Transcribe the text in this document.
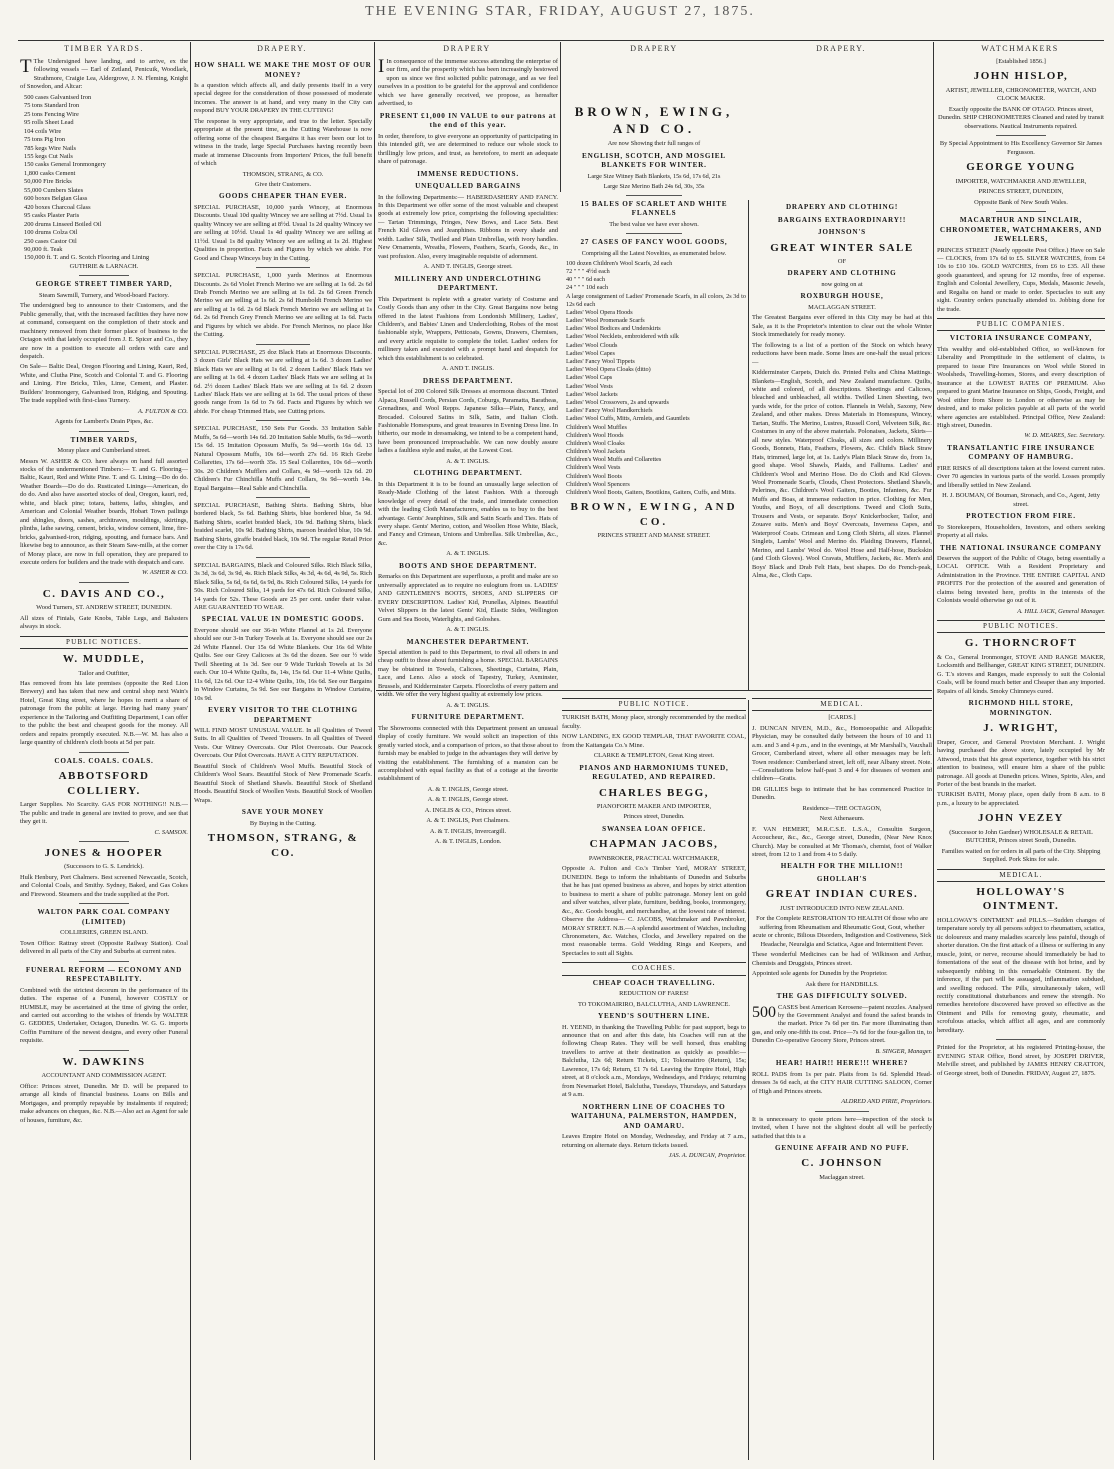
THE EVENING STAR, FRIDAY, AUGUST 27, 1875.
TIMBER YARDS.	DRAPERY.	DRAPERY	DRAPERY	DRAPERY.	WATCHMAKERS

T The Undersigned have landing, and to arrive, ex the following vessels — Earl of Zetland, Penicuik, Woodlark, Strathmore, Craigie Lea, Aldergrove, J. N. Fleming, Knight of Snowdon, and Altcar:

500 cases Galvanised Iron
75 tons Standard Iron
25 tons Fencing Wire
95 rolls Sheet Lead
104 coils Wire
75 tons Pig Iron
785 kegs Wire Nails
155 kegs Cut Nails
150 casks General Ironmongery
1,800 casks Cement
50,000 Fire Bricks
55,000 Cumbers Slates
600 boxes Belgian Glass
420 boxes Charcoal Glass
95 casks Plaster Paris
200 drums Linseed Boiled Oil
100 drums Colza Oil
250 cases Castor Oil
90,000 ft. Teak
150,000 ft. T. and G. Scotch Flooring and Lining

GUTHRIE & LARNACH.

GEORGE STREET TIMBER YARD,

Steam Sawmill, Turnery, and Wood-board Factory.

The undersigned beg to announce to their Customers, and the Public generally, that, with the increased facilities they have now at command, consequent on the completion of their stock and machinery removed from their former place of business to the Octagon with that lately occupied from J. E. Spicer and Co., they are now in a position to execute all orders with care and despatch.

On Sale— Baltic Deal, Oregon Flooring and Lining, Kauri, Red, White, and Clutha Pine, Scotch and Colonial T. and G. Flooring and Lining. Fire Bricks, Tiles, Lime, Cement, and Plaster. Builders' Ironmongery, Galvanised Iron, Ridging, and Spouting. The trade supplied with first-class Turnery.

A. FULTON & CO.

Agents for Lambert's Drain Pipes, &c.

TIMBER YARDS,

Moray place and Cumberland street.

Messrs W. ASHER & CO. have always on hand full assorted stocks of the undermentioned Timbers:— T. and G. Flooring—Baltic, Kauri, Red and White Pine. T. and G. Lining—Do do do. Weather Boards—Do do do. Rusticated Linings—American, do do do. And also have assorted stocks of deal, Oregon, kauri, red, white, and black pine; totara, battens, laths, shingles, and American and Colonial Weather boards, Hobart Town pailings and shingles, doors, sashes, architraves, mouldings, skirtings, plinths, lathe sawing, cement, bricks, window cement, lime, fire-bricks, galvanised-iron, ridging, spouting, and furnace bars. And likewise beg to announce, as their Steam Saw-mills, at the corner of Moray place, are now in full operation, they are prepared to execute orders for builders and the trade with despatch and care.

W. ASHER & CO.

C. DAVIS AND CO.,

Wood Turners, ST. ANDREW STREET, DUNEDIN.

All sizes of Finials, Gate Knobs, Table Legs, and Balusters always in stock.

PUBLIC NOTICES.

W. MUDDLE,

Tailor and Outfitter,

Has removed from his late premises (opposite the Red Lion Brewery) and has taken that new and central shop next Wain's Hotel, Great King street, where he hopes to merit a share of patronage from the public at large. Having had many years' experience in the Tailoring and Outfitting Department, I can offer to the public the best and cheapest goods for the money. All orders and repairs promptly executed. N.B.—W. M. has also a large quantity of children's cloth boots at 5d per pair.

COALS. COALS. COALS.

ABBOTSFORD COLLIERY.

Larger Supplies. No Scarcity. GAS FOR NOTHING!! N.B.—The public and trade in general are invited to prove, and see that they get it.

C. SAMSON.

JONES & HOOPER

(Successors to G. S. Lendrick).

Hulk Henbury, Port Chalmers. Best screened Newcastle, Scotch, and Colonial Coals, and Smithy. Sydney, Baked, and Gas Cokes and Firewood. Steamers and the trade supplied at the Port.

WALTON PARK COAL COMPANY (LIMITED)

COLLIERIES, GREEN ISLAND.

Town Office: Rattray street (Opposite Railway Station). Coal delivered in all parts of the City and Suburbs at current rates.

FUNERAL REFORM — ECONOMY AND RESPECTABILITY.

Combined with the strictest decorum in the performance of its duties. The expense of a Funeral, however COSTLY or HUMBLE, may be ascertained at the time of giving the order, and carried out according to the wishes of friends by WALTER G. GEDDES, Undertaker, Octagon, Dunedin. W. G. G. imports Coffin Furniture of the newest designs, and every other Funeral requisite.

W. DAWKINS

ACCOUNTANT AND COMMISSION AGENT.

Office: Princes street, Dunedin. Mr D. will be prepared to arrange all kinds of financial business. Loans on Bills and Mortgages, and promptly repayable by instalments if required; make advances on cheques, &c. N.B.—Also act as Agent for sale of houses, furniture, &c.

HOW SHALL WE MAKE THE MOST OF OUR MONEY?

Is a question which affects all, and daily presents itself in a very special degree for the consideration of those possessed of moderate incomes. The answer is at hand, and very many in the City can respond BUY YOUR DRAPERY IN THE CUTTING!

The response is very appropriate, and true to the letter. Specially appropriate at the present time, as the Cutting Warehouse is now offering some of the cheapest Bargains it has ever been our lot to witness in the trade, large Special Purchases having recently been made at immense Discounts from Importers' Prices, the full benefit of which

THOMSON, STRANG, & CO.

Give their Customers.

GOODS CHEAPER THAN EVER.

SPECIAL PURCHASE, 10,000 yards Wincey, at Enormous Discounts. Usual 10d quality Wincey we are selling at 7½d. Usual 1s quality Wincey we are selling at 8½d. Usual 1s 2d quality Wincey we are selling at 10½d. Usual 1s 4d quality Wincey we are selling at 11½d. Usual 1s 8d quality Wincey we are selling at 1s 2d. Highest Qualities in proportion. Facts and Figures by which we abide. For Good and Cheap Winceys buy in the Cutting.

SPECIAL PURCHASE, 1,000 yards Merinos at Enormous Discounts. 2s 6d Violet French Merino we are selling at 1s 6d. 2s 6d Drab French Merino we are selling at 1s 6d. 2s 6d Green French Merino we are selling at 1s 6d. 2s 6d Humboldt French Merino we are selling at 1s 6d. 2s 6d Black French Merino we are selling at 1s 6d. 2s 6d French Grey French Merino we are selling at 1s 6d. Facts and Figures by which we abide. For French Merinos, no place like the Cutting.

SPECIAL PURCHASE, 25 doz Black Hats at Enormous Discounts. 3 dozen Girls' Black Hats we are selling at 1s 6d. 3 dozen Ladies' Black Hats we are selling at 1s 6d. 2 dozen Ladies' Black Hats we are selling at 1s 6d. 4 dozen Ladies' Black Hats we are selling at 1s 6d. 2½ dozen Ladies' Black Hats we are selling at 1s 6d. 2 dozen Ladies' Black Hats we are selling at 1s 6d. The usual prices of these goods range from 1s 6d to 7s 6d. Facts and Figures by which we abide. For cheap Trimmed Hats, see Cutting prices.

SPECIAL PURCHASE, 150 Sets Fur Goods. 33 Imitation Sable Muffs, 5s 6d—worth 14s 6d. 20 Imitation Sable Muffs, 6s 9d—worth 15s 6d. 15 Imitation Opossum Muffs, 5s 9d—worth 16s 6d. 13 Natural Opossum Muffs, 10s 6d—worth 27s 6d. 16 Rich Grebe Collarettes, 17s 6d—worth 35s. 15 Seal Collarettes, 10s 6d—worth 30s. 20 Children's Mufflers and Collars, 4s 9d—worth 12s 6d. 20 Children's Fur Chinchilla Muffs and Collars, 9s 9d—worth 14s. Equal Bargains—Real Sable and Chinchilla.

SPECIAL PURCHASE, Bathing Shirts. Bathing Shirts, blue bordered black, 5s 6d. Bathing Shirts, blue bordered blue, 5s 9d. Bathing Shirts, scarlet braided black, 10s 9d. Bathing Shirts, black braided scarlet, 10s 9d. Bathing Shirts, maroon braided blue, 10s 9d. Bathing Shirts, giraffe braided black, 10s 9d. The regular Retail Price over the City is 17s 6d.

SPECIAL BARGAINS, Black and Coloured Silks. Rich Black Silks, 3s 3d, 3s 6d, 3s 9d, 4s. Rich Black Silks, 4s 3d, 4s 6d, 4s 9d, 5s. Rich Black Silks, 5s 6d, 6s 6d, 6s 9d, 8s. Rich Coloured Silks, 14 yards for 50s. Rich Coloured Silks, 14 yards for 47s 6d. Rich Coloured Silks, 14 yards for 52s. These Goods are 25 per cent. under their value. ARE GUARANTEED TO WEAR.

SPECIAL VALUE IN DOMESTIC GOODS.

Everyone should see our 36-in White Flannel at 1s 2d. Everyone should see our 3-in Turkey Towels at 1s. Everyone should see our 2s 2d White Flannel. Our 15s 6d White Blankets. Our 16s 6d White Quilts. See our Grey Calicoes at 3s 6d the dozen. See our ½ wide Twill Sheeting at 1s 3d. See our 9 Wide Turkish Towels at 1s 3d each. Our 10-4 White Quilts, 8s, 14s, 15s 6d. Our 11-4 White Quilts, 11s 6d, 12s 6d. Our 12-4 White Quilts, 10s, 16s 6d. See our Bargains in Window Curtains, 5s 9d. See our Bargains in Window Curtains, 10s 9d.

EVERY VISITOR TO THE CLOTHING DEPARTMENT

WILL FIND MOST UNUSUAL VALUE. In all Qualities of Tweed Suits. In all Qualities of Tweed Trousers. In all Qualities of Tweed Vests. Our Witney Overcoats. Our Pilot Overcoats. Our Peacock Overcoats. Our Pilot Overcoats. HAVE A CITY REPUTATION.

Beautiful Stock of Children's Wool Muffs. Beautiful Stock of Children's Wool Sears. Beautiful Stock of New Promenade Scarfs. Beautiful Stock of Shetland Shawls. Beautiful Stock of Shetland Hoods. Beautiful Stock of Woollen Vests. Beautiful Stock of Woollen Wraps.

SAVE YOUR MONEY

By Buying in the Cutting.

THOMSON, STRANG, & CO.

I In consequence of the immense success attending the enterprise of our firm, and the prosperity which has been increasingly bestowed upon us since we first solicited public patronage, and as we feel ourselves in a position to be grateful for the approval and confidence which we have generally received, we propose, as hereafter advertised, to

PRESENT £1,000 IN VALUE to our patrons at the end of this year.

In order, therefore, to give everyone an opportunity of participating in this intended gift, we are determined to reduce our whole stock to thrillingly low prices, and trust, as heretofore, to merit an adequate share of patronage.

IMMENSE REDUCTIONS.

UNEQUALLED BARGAINS

In the following Departments:— HABERDASHERY AND FANCY. In this Department we offer some of the most valuable and cheapest goods at extremely low price, comprising the following specialities:— Tartan Trimmings, Fringes, New Bows, and Lace Sets. Best French Kid Gloves and Jeanphines. Ribbons in every shade and width. Ladies' Silk, Twilled and Plain Umbrellas, with ivory handles. New Ornaments, Wreaths, Flowers, Feathers, Scarfs, Goods, &c., in vast profusion. Also, every imaginable requisite of adornment.

A. AND T. INGLIS, George street.

MILLINERY AND UNDERCLOTHING DEPARTMENT.

This Department is replete with a greater variety of Costume and Costly Goods than any other in the City. Great Bargains now being offered in the latest Fashions from Londonish Millinery, Ladies', Children's, and Babies' Linen and Underclothing, Robes of the most fashionable style, Wrappers, Petticoats, Gowns, Drawers, Chemises, and every article requisite to complete the toilet. Ladies' orders for millinery taken and executed with a prompt hand and despatch for which this establishment is so celebrated.

A. AND T. INGLIS.

DRESS DEPARTMENT.

Special lot of 200 Colored Silk Dresses at enormous discount. Tinted Alpaca, Russell Cords, Persian Cords, Coburgs, Paramatta, Baratheas, Grenadines, and Wool Repps. Japanese Silks—Plain, Fancy, and Brocaded. Coloured Satins in Silk, Satin, and Italian Cloth. Fashionable Homespuns, and great treasures in Evening Dress line. In hitherto, our mode in dressmaking, we intend to be a competent hand, have been pronounced irreproachable. We can now doubly assure ladies a faultless style and make, at the Lowest Cost.

A. & T. INGLIS.

CLOTHING DEPARTMENT.

In this Department it is to be found an unusually large selection of Ready-Made Clothing of the latest Fashion. With a thorough knowledge of every detail of the trade, and immediate connection with the leading Cloth Manufacturers, enables us to buy to the best advantage. Gents' Jeanphines, Silk and Satin Scarfs and Ties. Hats of every shape. Gents' Merino, cotton, and Woollen Hose White, Black, and Fancy and Crimean, Unions and Umbrellas. Silk Umbrellas, &c., &c.

A. & T. INGLIS.

BOOTS AND SHOE DEPARTMENT.

Remarks on this Department are superfluous, a profit and make are so universally appreciated as to require no eulogium from us. LADIES' AND GENTLEMEN'S BOOTS, SHOES, AND SLIPPERS OF EVERY DESCRIPTION. Ladies' Kid, Prunellas, Alpines. Beautiful Velvet Slippers in the latest Gents' Kid, Elastic Sides, Wellington Gum and Sea Boots, Waterlights, and Goloshes.

A. & T. INGLIS.

MANCHESTER DEPARTMENT.

Special attention is paid to this Department, to rival all others in and cheap outfit to those about furnishing a home. SPECIAL BARGAINS may be obtained in Towels, Calicoes, Sheetings, Curtains, Plain, Lace, and Leno. Also a stock of Tapestry, Turkey, Axminster, Brussels, and Kidderminster Carpets. Floorcloths of every pattern and width. We offer the very highest quality at extremely low prices.

A. & T. INGLIS.

FURNITURE DEPARTMENT.

The Showrooms connected with this Department present an unusual display of costly furniture. We would solicit an inspection of this greatly varied stock, and a comparison of prices, so that those about to furnish may be enabled to judge in the advantages they will derive by visiting the establishment. The furnishing of a mansion can be accomplished with equal facility as that of a cottage at the favorite establishment of

A. & T. INGLIS, George street.

A. & T. INGLIS, George street.

A. INGLIS & CO., Princes street.

A. & T. INGLIS, Port Chalmers.

A. & T. INGLIS, Invercargill.

A. & T. INGLIS, London.

BROWN, EWING, AND CO.

Are now Showing their full ranges of

ENGLISH, SCOTCH, AND MOSGIEL BLANKETS FOR WINTER.

Large Size Witney Bath Blankets, 15s 6d, 17s 6d, 21s

Large Size Merino Bath 24s 6d, 30s, 35s

15 BALES OF SCARLET AND WHITE FLANNELS

The best value we have ever shown.

27 CASES OF FANCY WOOL GOODS,

Comprising all the Latest Novelties, as enumerated below.

100 dozen Children's Wool Scarfs, 2d each
72 " " " 4½d each
40 " " " 6d each
24 " " " 10d each
A large consignment of Ladies' Promenade Scarfs, in all colors, 2s 3d to 12s 6d each
Ladies' Wool Opera Hoods
Ladies' Wool Promenade Scarfs
Ladies' Wool Bodices and Underskirts
Ladies' Wool Necklets, embroidered with silk
Ladies' Wool Clouds
Ladies' Wool Capes
Ladies' Fancy Wool Tippets
Ladies' Wool Opera Cloaks (ditto)
Ladies' Wool Caps
Ladies' Wool Vests
Ladies' Wool Jackets
Ladies' Wool Crossovers, 2s and upwards
Ladies' Fancy Wool Handkerchiefs
Ladies' Wool Cuffs, Mitts, Armlets, and Gauntlets
Children's Wool Muffles
Children's Wool Hoods
Children's Wool Cloaks
Children's Wool Jackets
Children's Wool Muffs and Collarettes
Children's Wool Vests
Children's Wool Boots
Children's Wool Spencers
Children's Wool Boots, Gaiters, Bootikins, Gaiters, Cuffs, and Mitts.

BROWN, EWING, AND CO.

PRINCES STREET AND MANSE STREET.

DRAPERY AND CLOTHING!

BARGAINS EXTRAORDINARY!!

JOHNSON'S

GREAT WINTER SALE

OF

DRAPERY AND CLOTHING

now going on at

ROXBURGH HOUSE,

MACLAGGAN STREET.

The Greatest Bargains ever offered in this City may be had at this Sale, as it is the Proprietor's intention to clear out the whole Winter Stock immediately for ready money.

The following is a list of a portion of the Stock on which heavy reductions have been made. Some lines are one-half the usual prices:—

Kidderminster Carpets, Dutch do. Printed Felts and China Mattings. Blankets—English, Scotch, and New Zealand manufacture. Quilts, white and colored, of all descriptions. Sheetings and Calicoes, bleached and unbleached, all widths. Twilled Linen Sheeting, two yards wide, for the price of cotton. Flannels in Welsh, Saxony, New Zealand, and other makes. Dress Materials in Homespuns, Wincey, Tartan, Stuffs. The Merino, Lustres, Russell Cord, Velveteen Silk, &c. Costumes in any of the above materials. Polonaises, Jackets, Skirts—all new styles. Waterproof Cloaks, all sizes and colors. Millinery Goods, Bonnets, Hats, Feathers, Flowers, &c. Child's Black Straw Hats, trimmed, large lot, at 1s. Lady's Plain Black Straw do, from 1s, good shape. Wool Shawls, Plaids, and Falliums. Ladies' and Children's Wool and Merino Hose. Do do Cloth and Kid Gloves. Wool Promenade Scarfs, Clouds, Chest Protectors. Shetland Shawls, Pelerines, &c. Children's Wool Gaiters, Booties, Infantees, &c. Fur Muffs and Boas, at immense reduction in price. Clothing for Men, Youths, and Boys, of all descriptions. Tweed and Cloth Suits, Trousers and Vests, or separate. Boys' Knickerbocker, Tailor, and Zouave suits. Men's and Boys' Overcoats, Inverness Capes, and Waterproof Coats. Crimean and Long Cloth Shirts, all sizes. Flannel Singlets, Lambs' Wool and Merino do. Plaiding Drawers, Flannel, Merino, and Lambs' Wool do. Wool Hose and Half-hose, Buckskin (and Cloth Gloves). Wool Cravats, Mufflers, Jackets, &c. Men's and Boys' Black and Drab Felt Hats, best shapes. Do do French-peak, Alma, &c., Cloth Caps.

PUBLIC NOTICE.

TURKISH BATH, Moray place, strongly recommended by the medical faculty.

NOW LANDING, EX GOOD TEMPLAR, THAT FAVORITE COAL, from the Kaitangata Co.'s Mine.

CLARKE & TEMPLETON, Great King street.

PIANOS AND HARMONIUMS TUNED, REGULATED, AND REPAIRED.

CHARLES BEGG,

PIANOFORTE MAKER AND IMPORTER,

Princes street, Dunedin.

SWANSEA LOAN OFFICE.

CHAPMAN JACOBS,

PAWNBROKER, PRACTICAL WATCHMAKER,

Opposite A. Fulton and Co.'s Timber Yard, MORAY STREET, DUNEDIN. Begs to inform the inhabitants of Dunedin and Suburbs that he has just opened business as above, and hopes by strict attention to business to merit a share of public patronage. Money lent on gold and silver watches, silver plate, furniture, bedding, books, ironmongery, &c., &c. Goods bought, and merchandise, at the lowest rate of interest. Observe the Address— C. JACOBS, Watchmaker and Pawnbroker, MORAY STREET. N.B.—A splendid assortment of Watches, including Chronometers, &c. Watches, Clocks, and Jewellery repaired on the most reasonable terms. Gold Wedding Rings and Keepers, and Spectacles to suit all Sights.

COACHES.

CHEAP COACH TRAVELLING.

REDUCTION OF FARES!

TO TOKOMAIRIRO, BALCLUTHA, AND LAWRENCE.

YEEND'S SOUTHERN LINE.

H. YEEND, in thanking the Travelling Public for past support, begs to announce that on and after this date, his Coaches will run at the following Cheap Rates. They will be well horsed, thus enabling travellers to arrive at their destination as quickly as possible:—Balclutha, 12s 6d; Return Tickets, £1; Tokomairiro (Return), 15s; Lawrence, 17s 6d; Return, £1 7s 6d. Leaving the Empire Hotel, High street, at 8 o'clock a.m., Mondays, Wednesdays, and Fridays; returning from Newmarket Hotel, Balclutha, Tuesdays, Thursdays, and Saturdays at 9 a.m.

NORTHERN LINE OF COACHES TO WAITAHUNA, PALMERSTON, HAMPDEN, AND OAMARU.

Leaves Empire Hotel on Monday, Wednesday, and Friday at 7 a.m., returning on alternate days. Return tickets issued.

JAS. A. DUNCAN, Proprietor.

MEDICAL.

[CARDS.]

J. DUNCAN NIVEN, M.D., &c., Homoeopathic and Allopathic Physician, may be consulted daily between the hours of 10 and 11 a.m. and 3 and 4 p.m., and in the evenings, at Mr Marshall's, Vauxhall Grocer, Cumberland street, where all other messages may be left. Town residence: Cumberland street, left off, near Albany street. Note.—Consultations below half-past 3 and 4 for diseases of women and children—Gratis.

DR GILLIES begs to intimate that he has commenced Practice in Dunedin.

Residence—THE OCTAGON,

Next Athenaeum.

F. VAN HEMERT, M.R.C.S.E. L.S.A., Consultin Surgeon, Accoucheur, &c., &c., George street, Dunedin, (Near New Knox Church). May be consulted at Mr Thomas's, chemist, foot of Walker street, from 12 to 1 and from 4 to 5 daily.

HEALTH FOR THE MILLION!!

GHOLLAH'S

GREAT INDIAN CURES.

JUST INTRODUCED INTO NEW ZEALAND.

For the Complete RESTORATION TO HEALTH Of those who are suffering from Rheumatism and Rheumatic Gout, Gout, whether acute or chronic, Bilious Disorders, Indigestion and Costiveness, Sick Headache, Neuralgia and Sciatica, Ague and Intermittent Fever.

These wonderful Medicines can be had of Wilkinson and Arthur, Chemists and Druggists, Princes street.

Appointed sole agents for Dunedin by the Proprietor.

Ask there for HANDBILLS.

THE GAS DIFFICULTY SOLVED.

500 CASES best American Kerosene—patent nozzles. Analysed by the Government Analyst and found the safest brands in the market. Price 7s 6d per tin. Far more illuminating than gas, and only one-fifth its cost. Price—7s 6d for the four-gallon tin, to Dunedin Co-operative Grocery Store, Princes street.

B. SINGER, Manager.

HEAR! HAIR!! HERE!!! WHERE?

ROLL PADS from 1s per pair. Plaits from 1s 6d. Splendid Head-dresses 3s 6d each, at the CITY HAIR CUTTING SALOON, Corner of High and Princes streets.

ALDRED AND PIRIE, Proprietors.

It is unnecessary to quote prices here—inspection of the stock is invited, when I have not the slightest doubt all will be perfectly satisfied that this is a

GENUINE AFFAIR AND NO PUFF.

C. JOHNSON

Maclaggan street.

[Established 1856.]

JOHN HISLOP,

ARTIST, JEWELLER, CHRONOMETER, WATCH, AND CLOCK MAKER.

Exactly opposite the BANK OF OTAGO. Princes street, Dunedin. SHIP CHRONOMETERS Cleaned and rated by transit observations. Nautical Instruments repaired.

By Special Appointment to His Excellency Governor Sir James Fergusson.

GEORGE YOUNG

IMPORTER, WATCHMAKER AND JEWELLER,

PRINCES STREET, DUNEDIN,

Opposite Bank of New South Wales.

MACARTHUR AND SINCLAIR, CHRONOMETER, WATCHMAKERS, AND JEWELLERS,

PRINCES STREET (Nearly opposite Post Office.) Have on Sale— CLOCKS, from 17s 6d to £5. SILVER WATCHES, from £4 10s to £10 10s. GOLD WATCHES, from £6 to £35. All these goods guaranteed, and sprung for 12 months, free of expense. English and Colonial Jewellery, Cups, Medals, Masonic Jewels, and Regalia on hand or made to order. Spectacles to suit any sight. Country orders punctually attended to. Jobbing done for the trade.

PUBLIC COMPANIES.

VICTORIA INSURANCE COMPANY,

This wealthy and old-established Office, so well-known for Liberality and Promptitude in the settlement of claims, is prepared to issue Fire Insurances on Wool while Stored in Woolsheds, Travelling-homes, Stores, and every description of Insurance at the LOWEST RATES OF PREMIUM. Also prepared to grant Marine Insurance on Ships, Goods, Freight, and Wool either from Shore to London or otherwise as may be desired, and to make policies payable at all parts of the world where agencies are established. Principal Office, New Zealand: High street, Dunedin.

W. D. MEARES, Sec. Secretary.

TRANSATLANTIC FIRE INSURANCE COMPANY OF HAMBURG.

FIRE RISKS of all descriptions taken at the lowest current rates. Over 70 agencies in various parts of the world. Losses promptly and liberally settled in New Zealand.

H. J. BOUMAN, Of Bouman, Stronach, and Co., Agent, Jetty street.

PROTECTION FROM FIRE.

To Storekeepers, Householders, Investors, and others seeking Property at all risks.

THE NATIONAL INSURANCE COMPANY

Deserves the support of the Public of Otago, being essentially a LOCAL OFFICE. With a Resident Proprietary and Administration in the Province. THE ENTIRE CAPITAL AND PROFITS For the protection of the assured and generation of claims being invested here, profits in the interests of the Colonists would otherwise go out of it.

A. HILL JACK, General Manager.

PUBLIC NOTICES.

G. THORNCROFT

& Co., General Ironmonger, STOVE AND RANGE MAKER, Locksmith and Bellhanger, GREAT KING STREET, DUNEDIN. G. T.'s stoves and Ranges, made expressly to suit the Colonial Coals, will be found much better and Cheaper than any imported. Repairs of all kinds. Smoky Chimneys cured.

RICHMOND HILL STORE, MORNINGTON.

J. WRIGHT,

Draper, Grocer, and General Provision Merchant. J. Wright having purchased the above store, lately occupied by Mr Attwood, trusts that his great experience, together with his strict attention to business, will ensure him a share of the public patronage. All goods at Dunedin prices. Wines, Spirits, Ales, and Porter of the best brands in the market.

TURKISH BATH, Moray place, open daily from 8 a.m. to 8 p.m., a luxury to be appreciated.

JOHN VEZEY

(Successor to John Gardner) WHOLESALE & RETAIL BUTCHER, Princes street South, Dunedin.

Families waited on for orders in all parts of the City. Shipping Supplied. Pork Skins for sale.

MEDICAL.

HOLLOWAY'S OINTMENT.

HOLLOWAY'S OINTMENT and PILLS.—Sudden changes of temperature sorely try all persons subject to rheumatism, sciatica, tic doloureux and many maladies scarcely less painful, though of shorter duration. On the first attack of a illness or suffering in any muscle, joint, or nerve, recourse should immediately be had to fomentations of the seat of the disease with hot brine, and by subsequently rubbing in this remarkable Ointment. By the inference, if the part will be assuaged, inflammation subdued, and swelling reduced. The Pills, simultaneously taken, will rectify constitutional disturbances and renew the strength. No remedies heretofore discovered have proved so effective as the Ointment and Pills for removing gouty, rheumatic, and scrofulous attacks, which afflict all ages, and are commonly hereditary.

Printed for the Proprietor, at his registered Printing-house, the EVENING STAR Office, Bond street, by JOSEPH DRIVER, Melville street, and published by JAMES HENRY CRATTON, of George street, both of Dunedin. FRIDAY, August 27, 1875.
